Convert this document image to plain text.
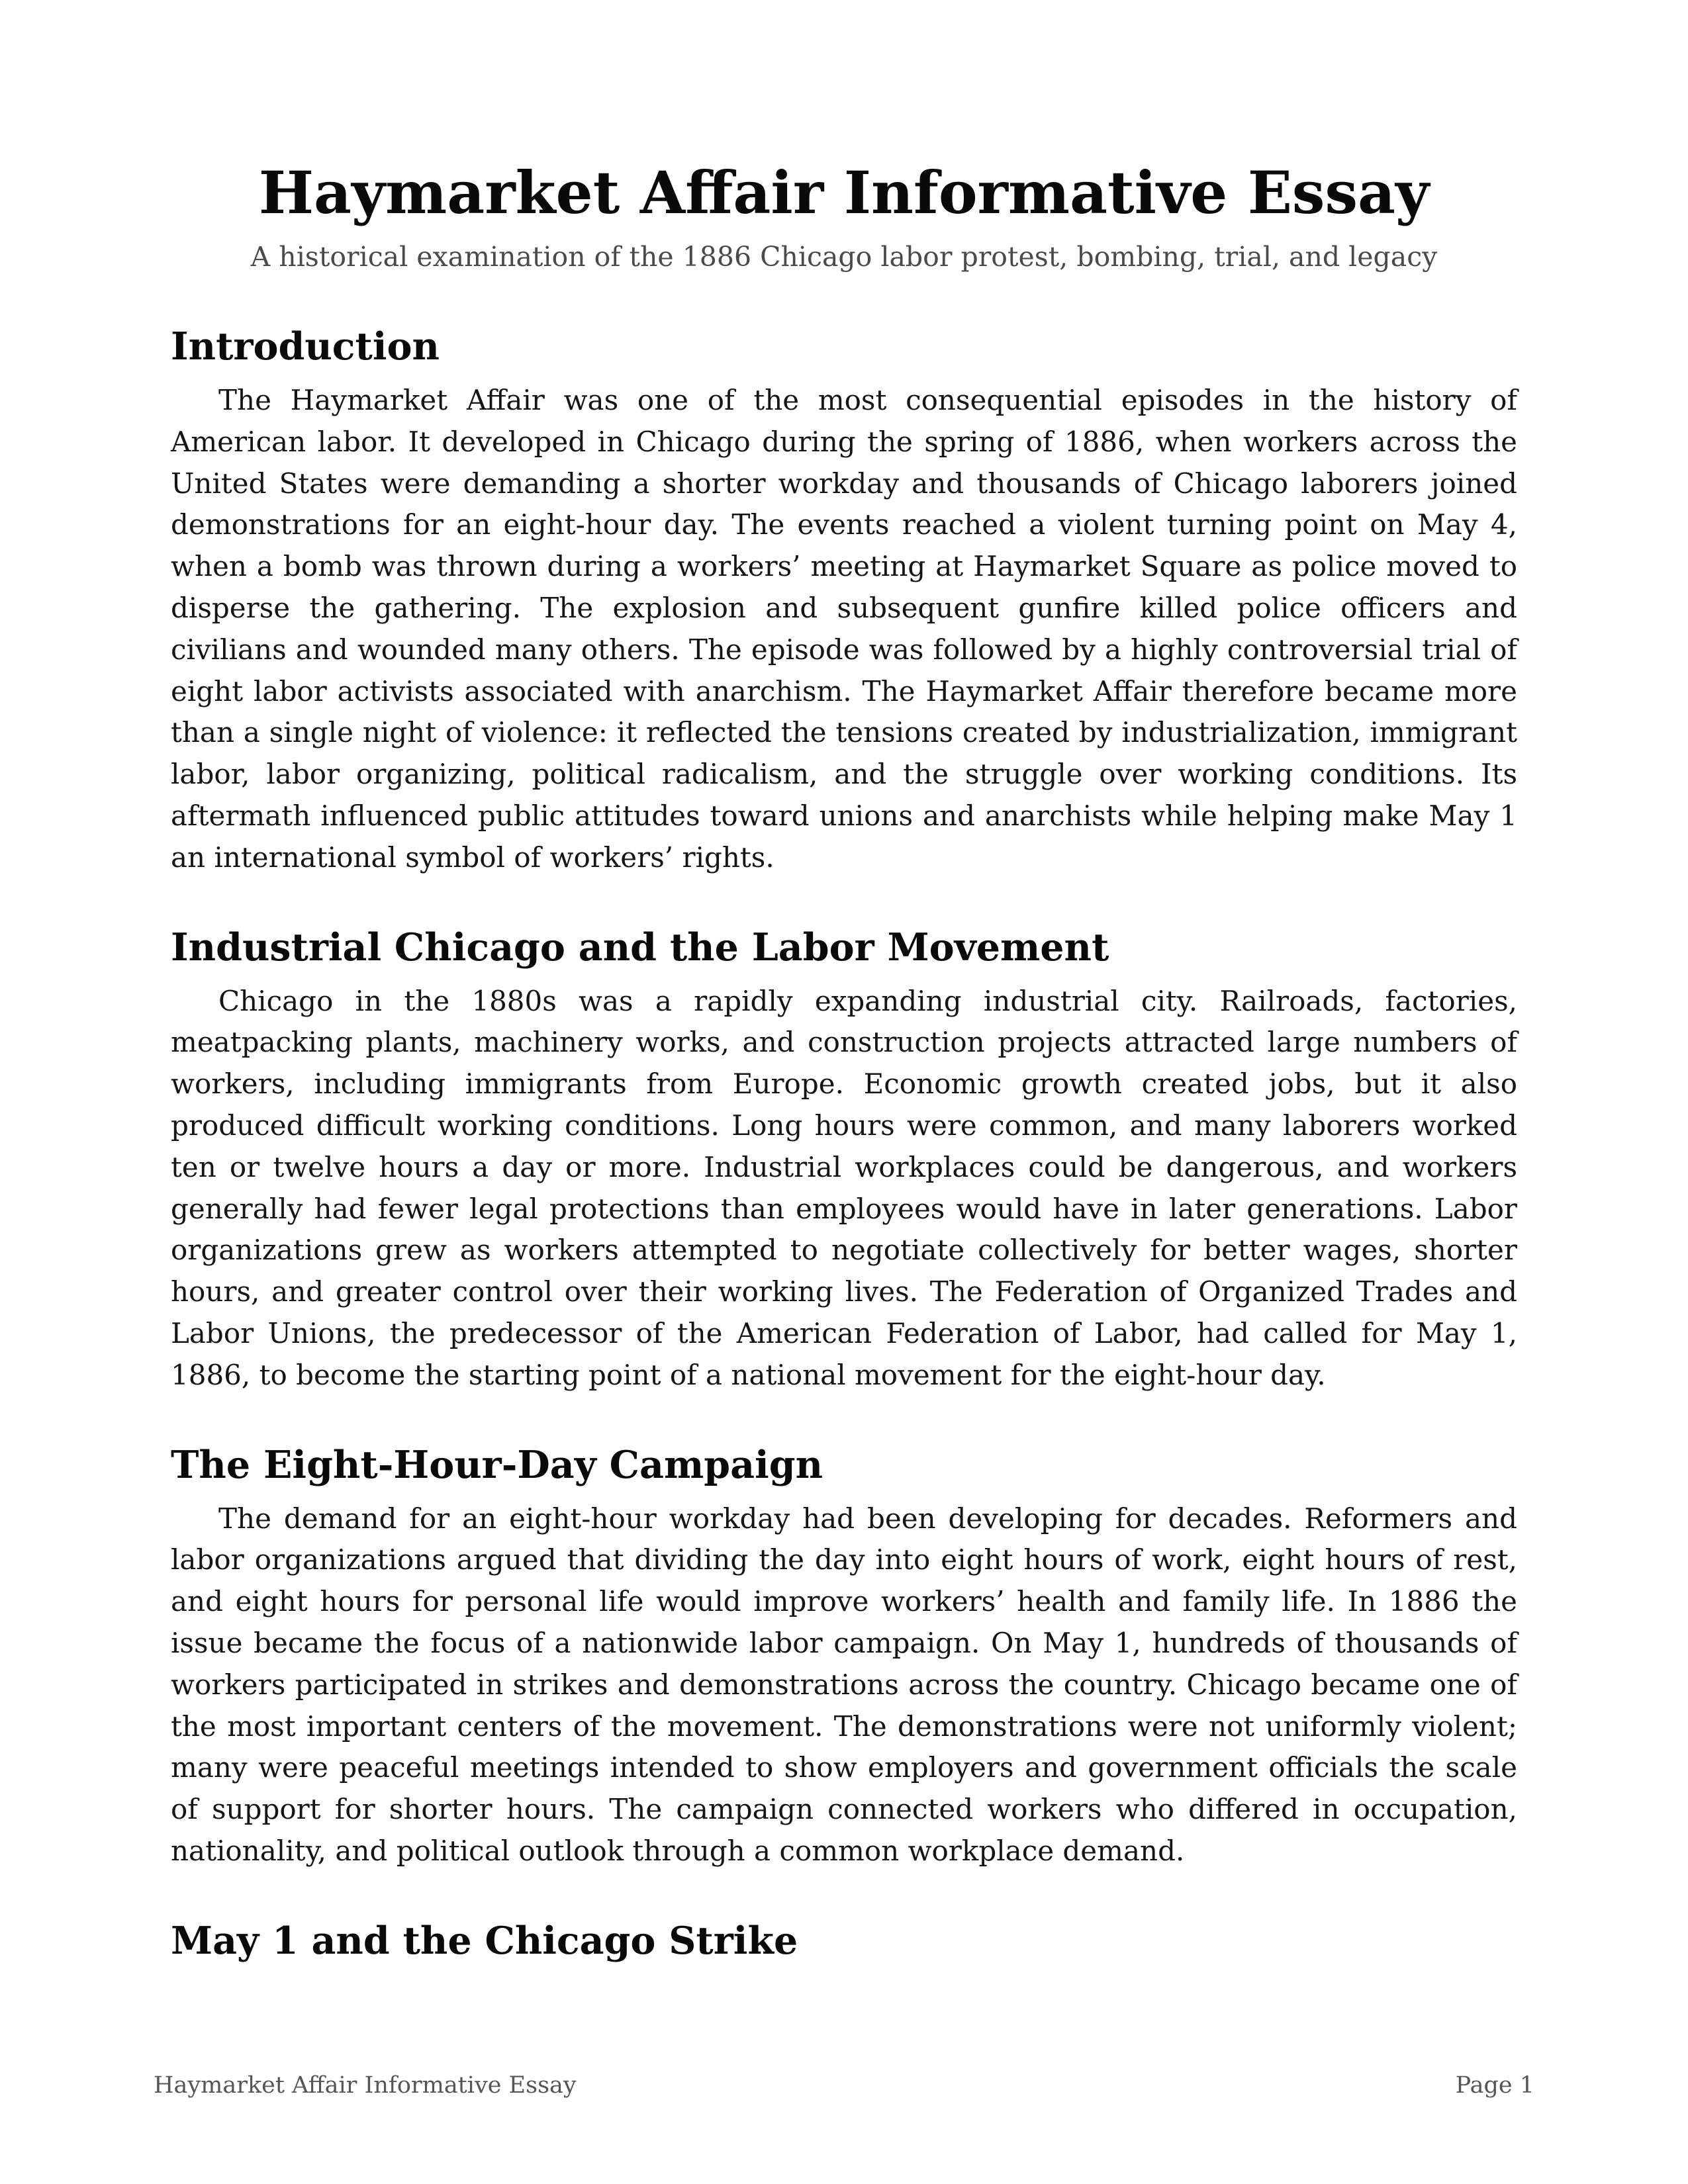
Haymarket Affair Informative Essay

A historical examination of the 1886 Chicago labor protest, bombing, trial, and legacy

Introduction

The Haymarket Affair was one of the most consequential episodes in the history of American labor. It developed in Chicago during the spring of 1886, when workers across the United States were demanding a shorter workday and thousands of Chicago laborers joined demonstrations for an eight-hour day. The events reached a violent turning point on May 4, when a bomb was thrown during a workers’ meeting at Haymarket Square as police moved to disperse the gathering. The explosion and subsequent gunfire killed police officers and civilians and wounded many others. The episode was followed by a highly controversial trial of eight labor activists associated with anarchism. The Haymarket Affair therefore became more than a single night of violence: it reflected the tensions created by industrialization, immigrant labor, labor organizing, political radicalism, and the struggle over working conditions. Its aftermath influenced public attitudes toward unions and anarchists while helping make May 1 an international symbol of workers’ rights.

Industrial Chicago and the Labor Movement

Chicago in the 1880s was a rapidly expanding industrial city. Railroads, factories, meatpacking plants, machinery works, and construction projects attracted large numbers of workers, including immigrants from Europe. Economic growth created jobs, but it also produced difficult working conditions. Long hours were common, and many laborers worked ten or twelve hours a day or more. Industrial workplaces could be dangerous, and workers generally had fewer legal protections than employees would have in later generations. Labor organizations grew as workers attempted to negotiate collectively for better wages, shorter hours, and greater control over their working lives. The Federation of Organized Trades and Labor Unions, the predecessor of the American Federation of Labor, had called for May 1, 1886, to become the starting point of a national movement for the eight-hour day.

The Eight-Hour-Day Campaign

The demand for an eight-hour workday had been developing for decades. Reformers and labor organizations argued that dividing the day into eight hours of work, eight hours of rest, and eight hours for personal life would improve workers’ health and family life. In 1886 the issue became the focus of a nationwide labor campaign. On May 1, hundreds of thousands of workers participated in strikes and demonstrations across the country. Chicago became one of the most important centers of the movement. The demonstrations were not uniformly violent; many were peaceful meetings intended to show employers and government officials the scale of support for shorter hours. The campaign connected workers who differed in occupation, nationality, and political outlook through a common workplace demand.

May 1 and the Chicago Strike
Haymarket Affair Informative Essay	Page 1
